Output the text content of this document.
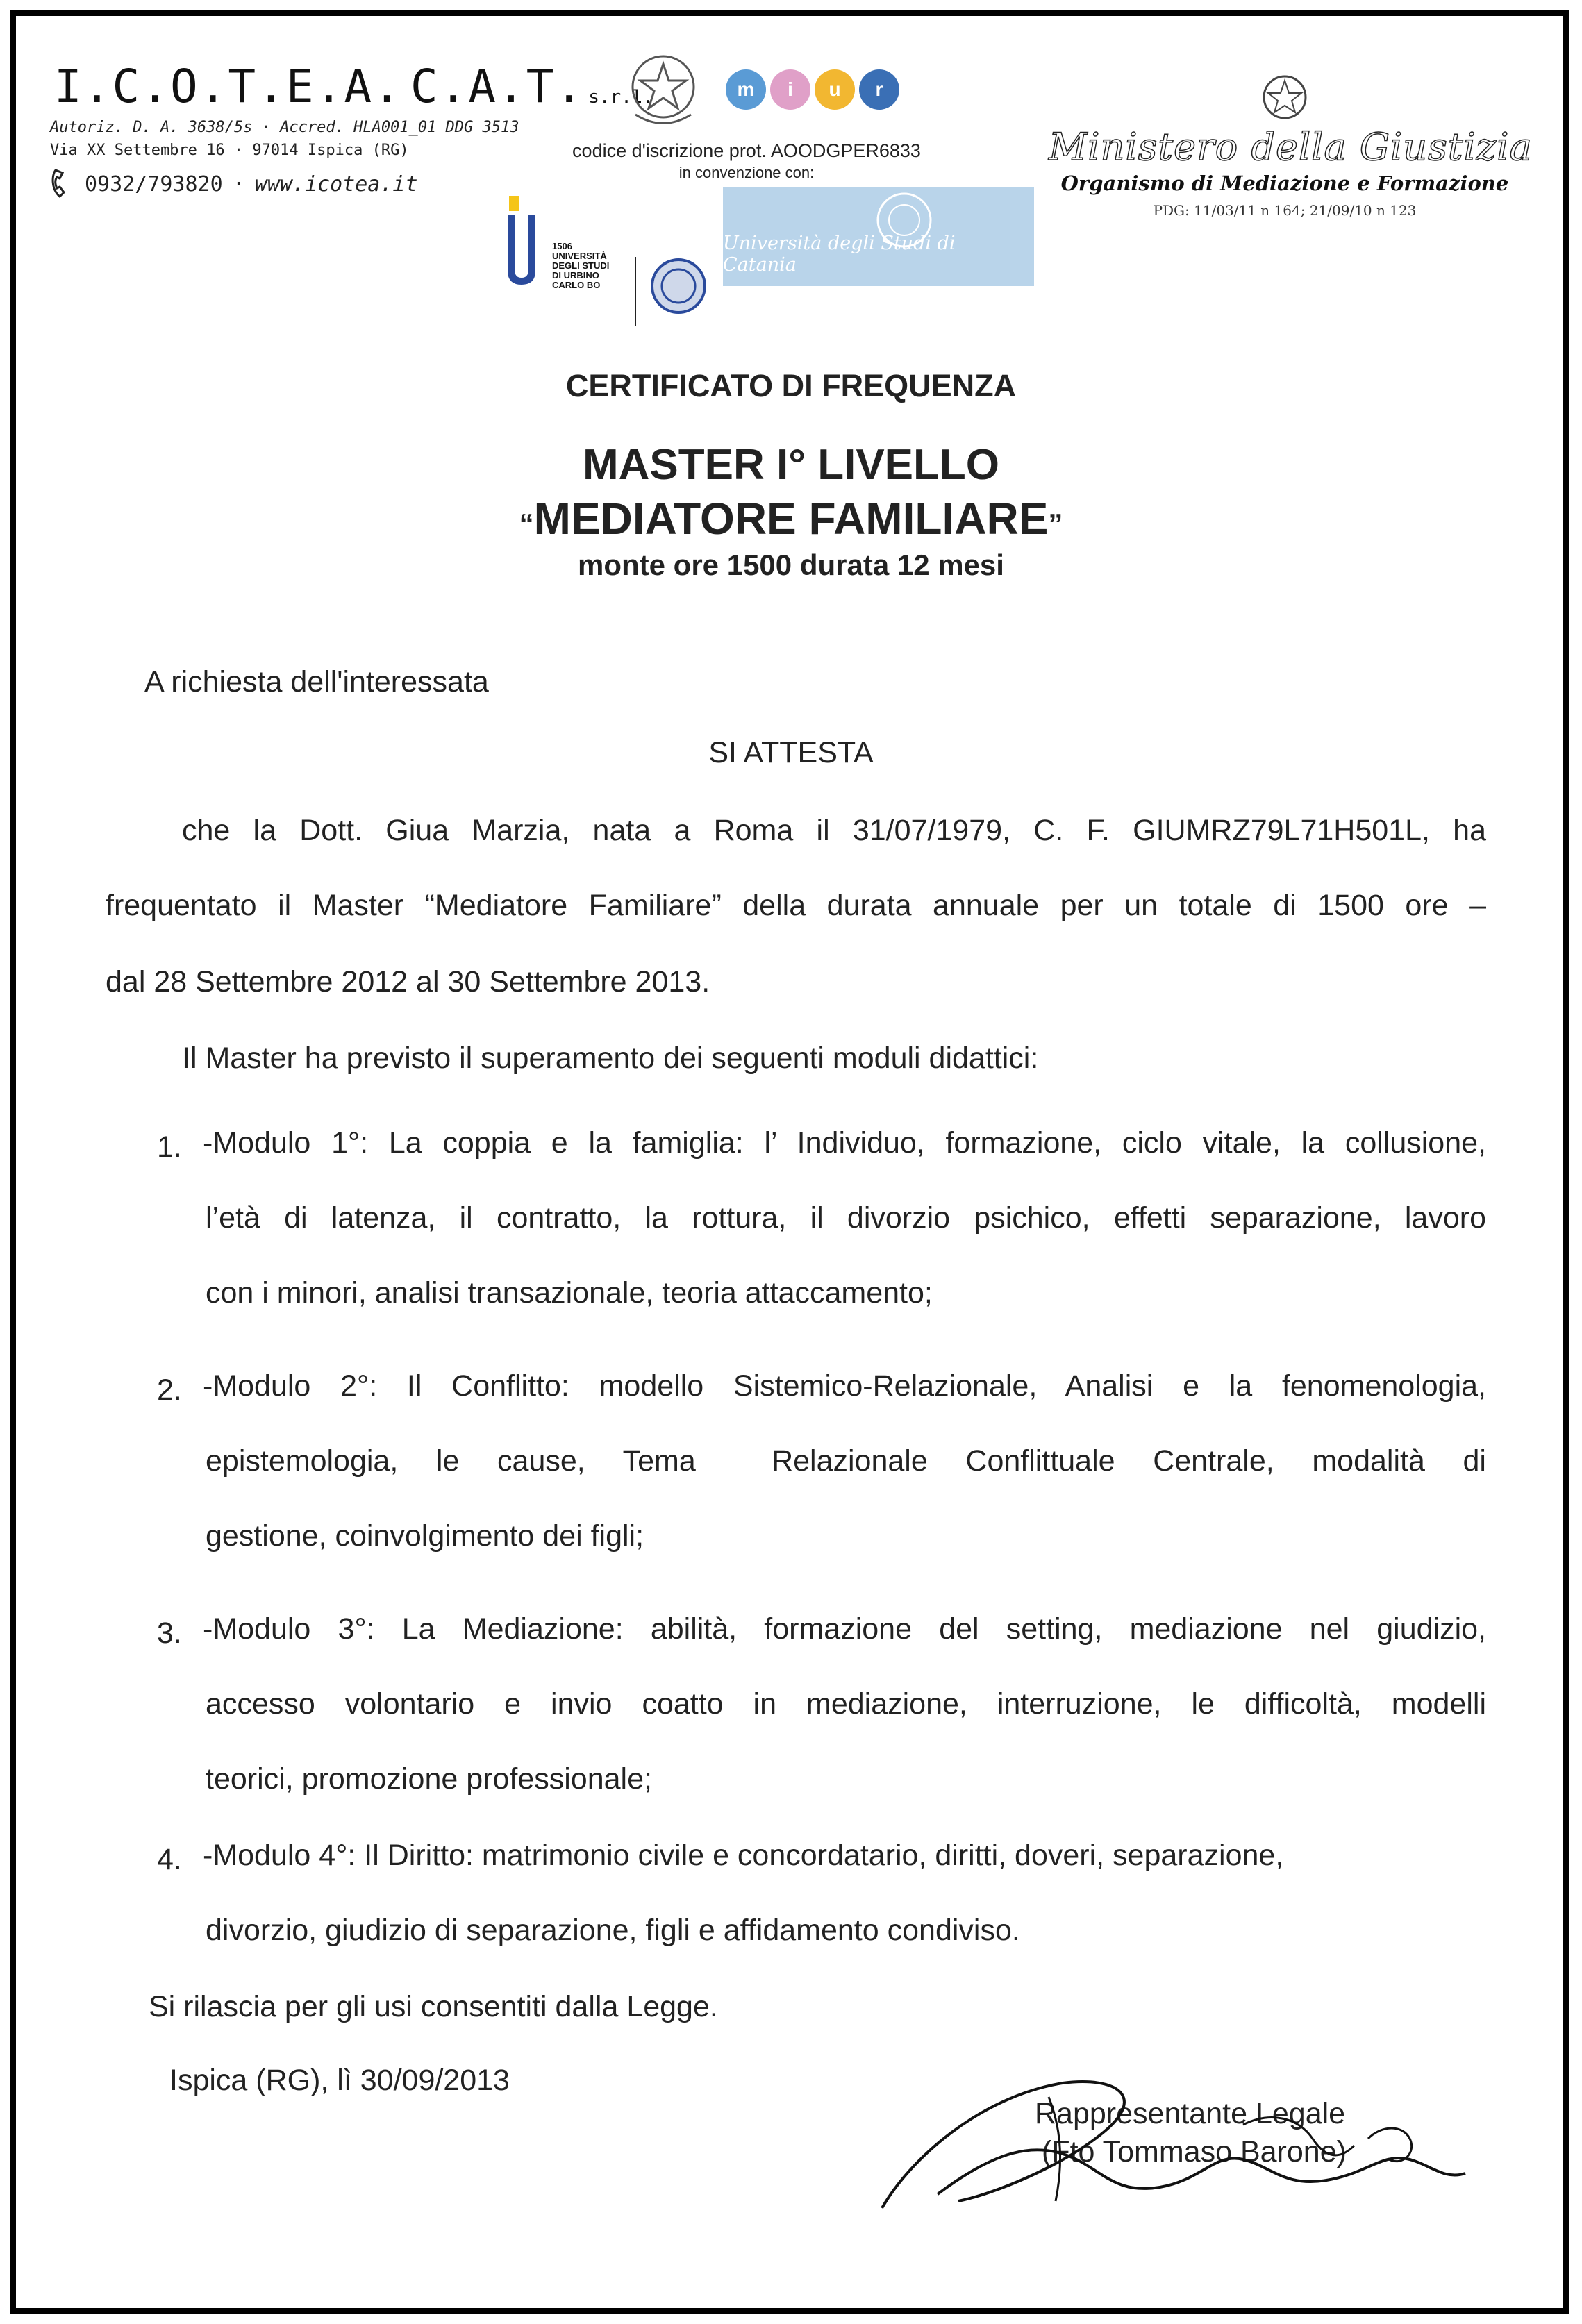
I.C.O.T.E.A. C.A.T. s.r.l.
Autoriz. D. A. 3638/5s · Accred. HLA001_01 DDG 3513
Via XX Settembre 16 · 97014 Ispica (RG)
0932/793820 · www.icotea.it
m	i	u	r
codice d'iscrizione prot. AOODGPER6833
in convenzione con:
1506
UNIVERSITÀ
DEGLI STUDI
DI URBINO
CARLO BO
Università degli Studi di Catania
Ministero della Giustizia
Organismo di Mediazione e Formazione
PDG: 11/03/11 n 164; 21/09/10 n 123
CERTIFICATO DI FREQUENZA
MASTER I° LIVELLO
“MEDIATORE FAMILIARE”
monte ore 1500 durata 12 mesi
A richiesta dell'interessata
SI ATTESTA
che la Dott. Giua Marzia, nata a Roma il 31/07/1979, C. F. GIUMRZ79L71H501L, ha
frequentato il Master “Mediatore Familiare” della durata annuale per un totale di 1500 ore –
dal 28 Settembre 2012 al 30 Settembre 2013.
Il Master ha previsto il superamento dei seguenti moduli didattici:
1. -Modulo 1°: La coppia e la famiglia: l’ Individuo, formazione, ciclo vitale, la collusione,
l’età di latenza, il contratto, la rottura, il divorzio psichico, effetti separazione, lavoro
con i minori, analisi transazionale, teoria attaccamento;
2. -Modulo 2°: Il Conflitto: modello Sistemico-Relazionale, Analisi e la fenomenologia,
epistemologia, le cause, Tema  Relazionale Conflittuale Centrale, modalità di
gestione, coinvolgimento dei figli;
3. -Modulo 3°: La Mediazione: abilità, formazione del setting, mediazione nel giudizio,
accesso volontario e invio coatto in mediazione, interruzione, le difficoltà, modelli
teorici, promozione professionale;
4. -Modulo 4°: Il Diritto: matrimonio civile e concordatario, diritti, doveri, separazione,
divorzio, giudizio di separazione, figli e affidamento condiviso.
Si rilascia per gli usi consentiti dalla Legge.
Ispica (RG), lì 30/09/2013
Rappresentante Legale
(Fto Tommaso Barone)
